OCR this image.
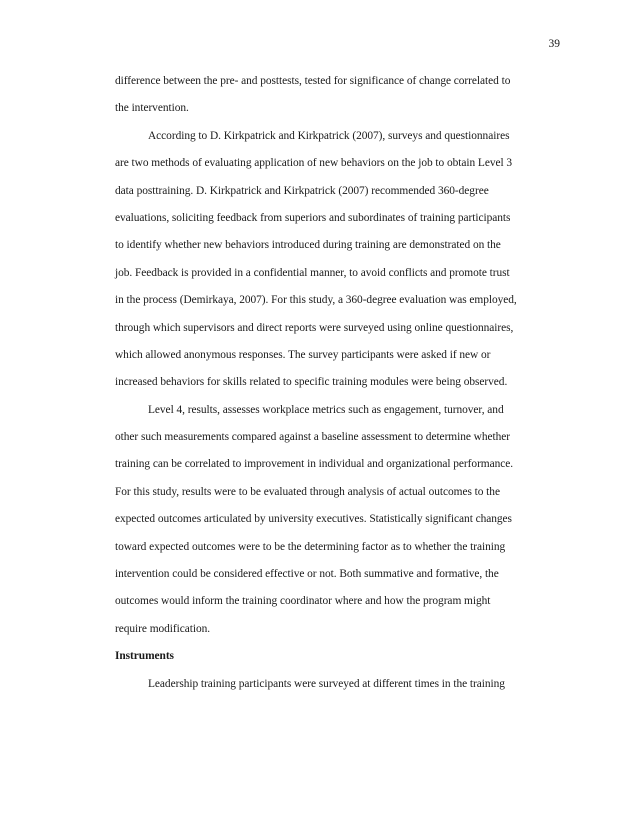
39
difference between the pre- and posttests, tested for significance of change correlated to
the intervention.
According to D. Kirkpatrick and Kirkpatrick (2007), surveys and questionnaires
are two methods of evaluating application of new behaviors on the job to obtain Level 3
data posttraining. D. Kirkpatrick and Kirkpatrick (2007) recommended 360-degree
evaluations, soliciting feedback from superiors and subordinates of training participants
to identify whether new behaviors introduced during training are demonstrated on the
job. Feedback is provided in a confidential manner, to avoid conflicts and promote trust
in the process (Demirkaya, 2007). For this study, a 360-degree evaluation was employed,
through which supervisors and direct reports were surveyed using online questionnaires,
which allowed anonymous responses. The survey participants were asked if new or
increased behaviors for skills related to specific training modules were being observed.
Level 4, results, assesses workplace metrics such as engagement, turnover, and
other such measurements compared against a baseline assessment to determine whether
training can be correlated to improvement in individual and organizational performance.
For this study, results were to be evaluated through analysis of actual outcomes to the
expected outcomes articulated by university executives. Statistically significant changes
toward expected outcomes were to be the determining factor as to whether the training
intervention could be considered effective or not. Both summative and formative, the
outcomes would inform the training coordinator where and how the program might
require modification.
Instruments
Leadership training participants were surveyed at different times in the training
